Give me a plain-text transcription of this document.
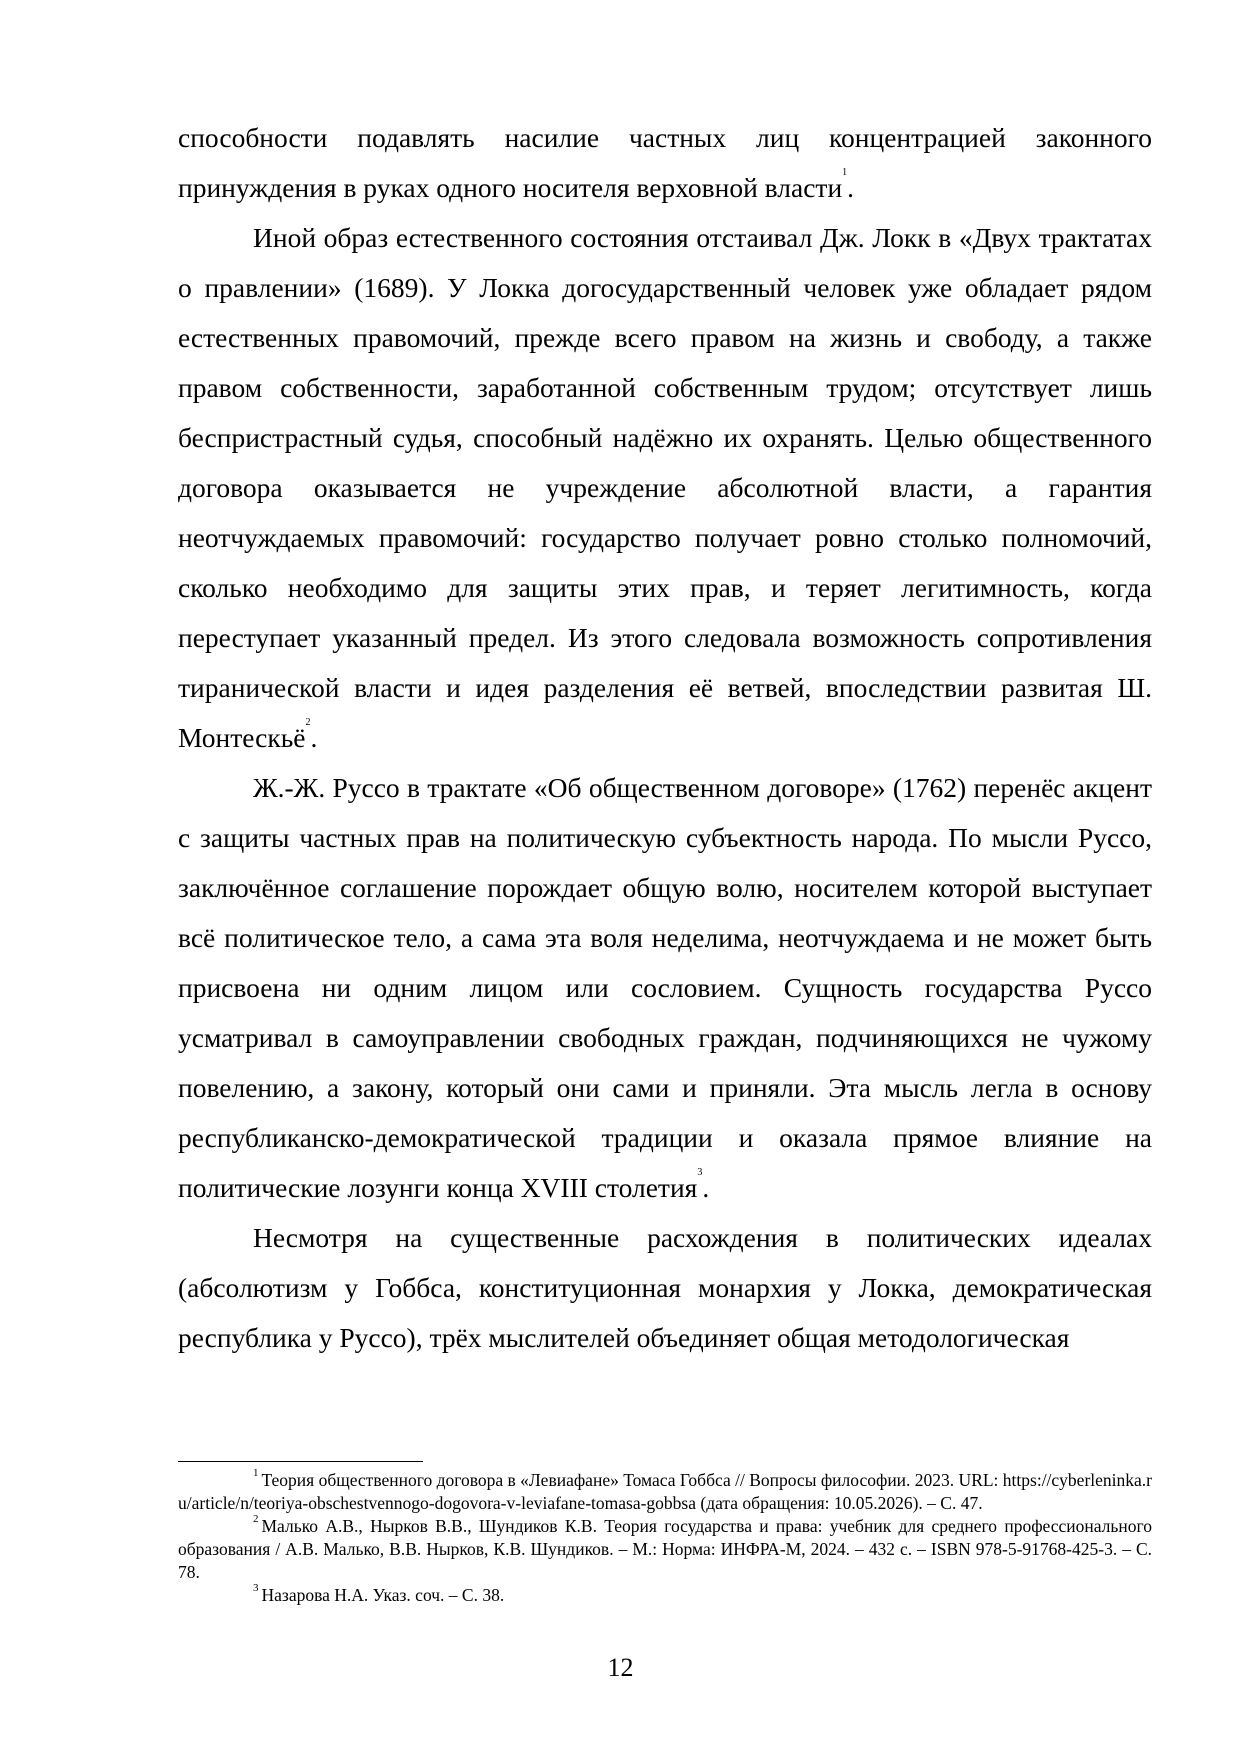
способности подавлять насилие частных лиц концентрацией законного принуждения в руках одного носителя верховной власти$^1$.

Иной образ естественного состояния отстаивал Дж. Локк в «Двух трактатах о правлении» (1689). У Локка догосударственный человек уже обладает рядом естественных правомочий, прежде всего правом на жизнь и свободу, а также правом собственности, заработанной собственным трудом; отсутствует лишь беспристрастный судья, способный надёжно их охранять. Целью общественного договора оказывается не учреждение абсолютной власти, а гарантия неотчуждаемых правомочий: государство получает ровно столько полномочий, сколько необходимо для защиты этих прав, и теряет легитимность, когда переступает указанный предел. Из этого следовала возможность сопротивления тиранической власти и идея разделения её ветвей, впоследствии развитая Ш. Монтескьё$^2$.

Ж.-Ж. Руссо в трактате «Об общественном договоре» (1762) перенёс акцент с защиты частных прав на политическую субъектность народа. По мысли Руссо, заключённое соглашение порождает общую волю, носителем которой выступает всё политическое тело, а сама эта воля неделима, неотчуждаема и не может быть присвоена ни одним лицом или сословием. Сущность государства Руссо усматривал в самоуправлении свободных граждан, подчиняющихся не чужому повелению, а закону, который они сами и приняли. Эта мысль легла в основу республиканско-демократической традиции и оказала прямое влияние на политические лозунги конца XVIII столетия$^3$.

Несмотря на существенные расхождения в политических идеалах (абсолютизм у Гоббса, конституционная монархия у Локка, демократическая республика у Руссо), трёх мыслителей объединяет общая методологическая

$^1$ Теория общественного договора в «Левиафане» Томаса Гоббса // Вопросы философии. 2023. URL: https://cyberleninka.ru/article/n/teoriya-obschestvennogo-dogovora-v-leviafane-tomasa-gobbsa (дата обращения: 10.05.2026). – С. 47.

$^2$ Малько А.В., Нырков В.В., Шундиков К.В. Теория государства и права: учебник для среднего профессионального образования / А.В. Малько, В.В. Нырков, К.В. Шундиков. – М.: Норма: ИНФРА-М, 2024. – 432 с. – ISBN 978-5-91768-425-3. – С. 78.

$^3$ Назарова Н.А. Указ. соч. – С. 38.

12
